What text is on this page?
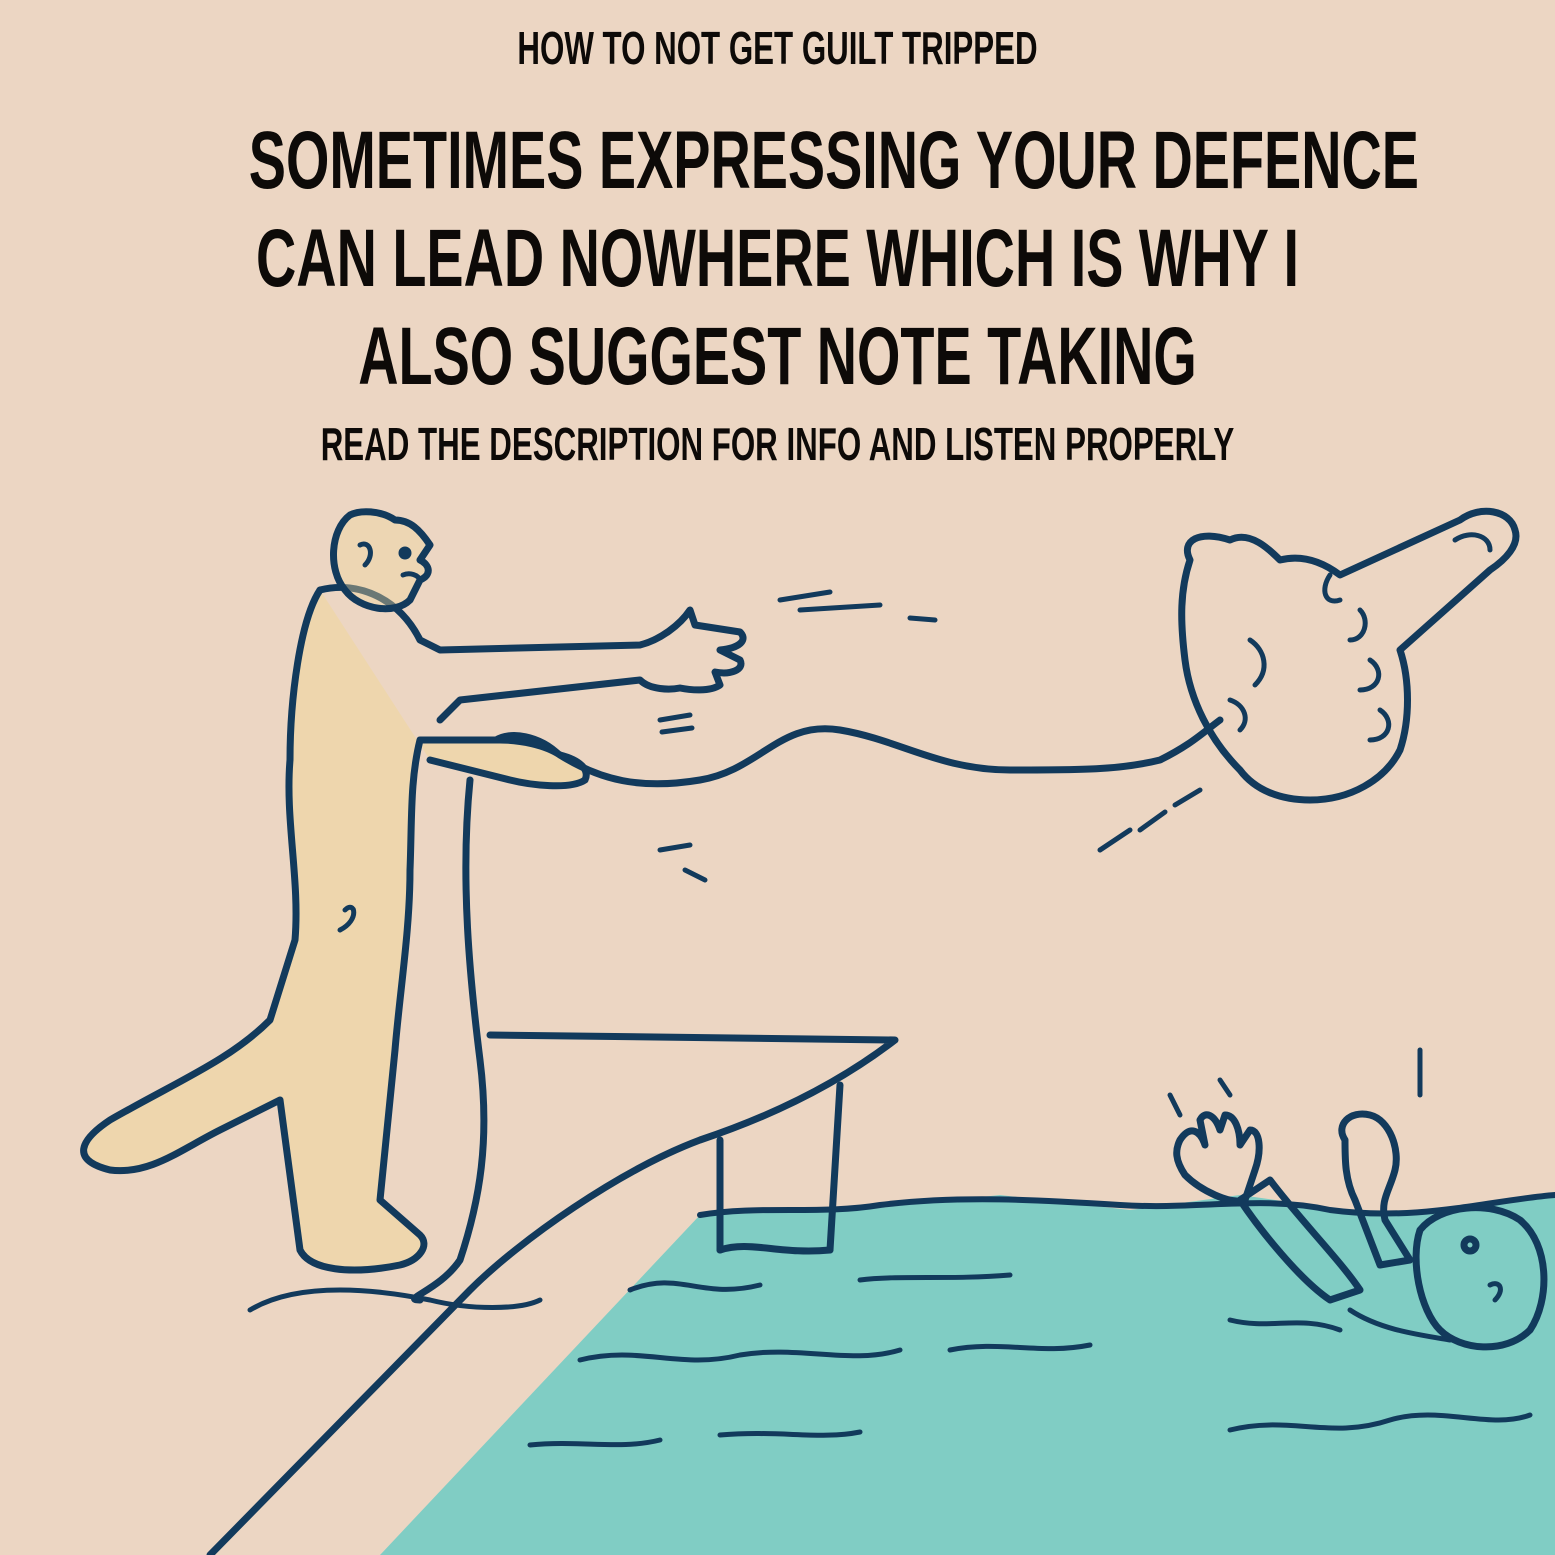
HOW TO NOT GET GUILT TRIPPED
SOMETIMES EXPRESSING YOUR DEFENCE
CAN LEAD NOWHERE WHICH IS WHY I
ALSO SUGGEST NOTE TAKING
READ THE DESCRIPTION FOR INFO AND LISTEN PROPERLY
